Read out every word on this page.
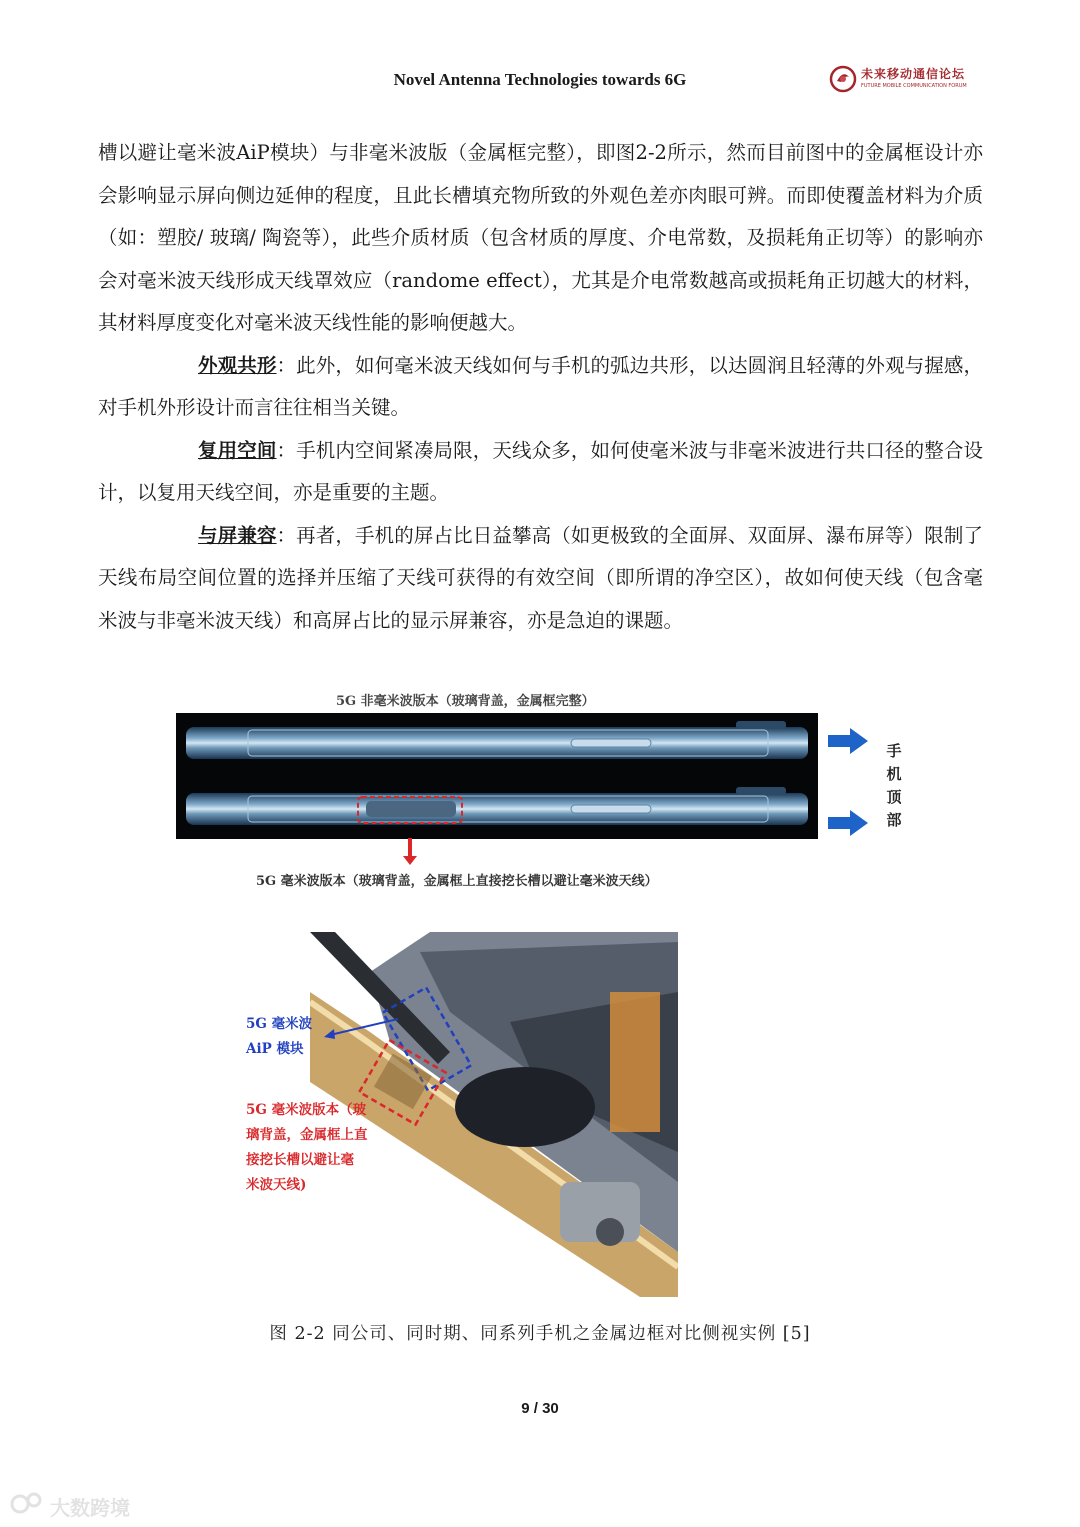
Novel Antenna Technologies towards 6G	未来移动通信论坛
FUTURE MOBILE COMMUNICATION FORUM

槽以避让毫米波AiP模块）与非毫米波版（金属框完整），即图2-2所示，然而目前图中的金属框设计亦会影响显示屏向侧边延伸的程度，且此长槽填充物所致的外观色差亦肉眼可辨。而即使覆盖材料为介质（如：塑胶/ 玻璃/ 陶瓷等），此些介质材质（包含材质的厚度、介电常数，及损耗角正切等）的影响亦会对毫米波天线形成天线罩效应（randome effect），尤其是介电常数越高或损耗角正切越大的材料，其材料厚度变化对毫米波天线性能的影响便越大。

外观共形：此外，如何毫米波天线如何与手机的弧边共形，以达圆润且轻薄的外观与握感，对手机外形设计而言往往相当关键。

复用空间：手机内空间紧凑局限，天线众多，如何使毫米波与非毫米波进行共口径的整合设计，以复用天线空间，亦是重要的主题。

与屏兼容：再者，手机的屏占比日益攀高（如更极致的全面屏、双面屏、瀑布屏等）限制了天线布局空间位置的选择并压缩了天线可获得的有效空间（即所谓的净空区），故如何使天线（包含毫米波与非毫米波天线）和高屏占比的显示屏兼容，亦是急迫的课题。

5G 非毫米波版本（玻璃背盖，金属框完整）
手
机
顶
部
5G 毫米波版本（玻璃背盖，金属框上直接挖长槽以避让毫米波天线）
5G 毫米波
AiP 模块
5G 毫米波版本（玻
璃背盖，金属框上直
接挖长槽以避让毫
米波天线)
图 2-2 同公司、同时期、同系列手机之金属边框对比侧视实例 [5]
9 / 30
大数跨境
